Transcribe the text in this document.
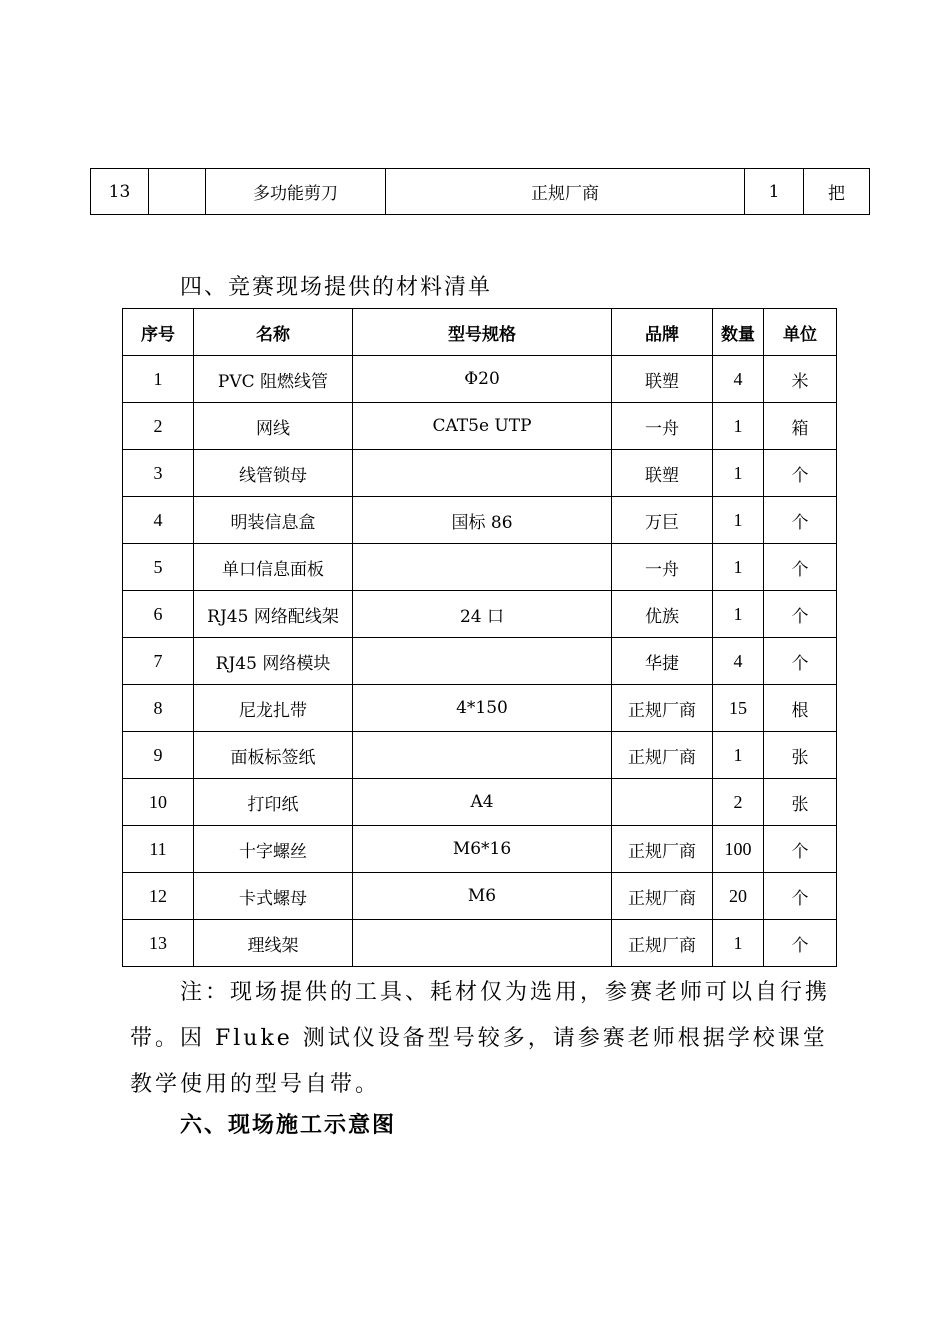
13		多功能剪刀	正规厂商	1	把
四、竞赛现场提供的材料清单
序号	名称	型号规格	品牌	数量	单位
1	PVC 阻燃线管	Φ20	联塑	4	米
2	网线	CAT5e UTP	一舟	1	箱
3	线管锁母		联塑	1	个
4	明装信息盒	国标 86	万巨	1	个
5	单口信息面板		一舟	1	个
6	RJ45 网络配线架	24 口	优族	1	个
7	RJ45 网络模块		华捷	4	个
8	尼龙扎带	4*150	正规厂商	15	根
9	面板标签纸		正规厂商	1	张
10	打印纸	A4		2	张
11	十字螺丝	M6*16	正规厂商	100	个
12	卡式螺母	M6	正规厂商	20	个
13	理线架		正规厂商	1	个
注：现场提供的工具、耗材仅为选用，参赛老师可以自行携带。因 Fluke 测试仪设备型号较多，请参赛老师根据学校课堂教学使用的型号自带。
六、现场施工示意图
